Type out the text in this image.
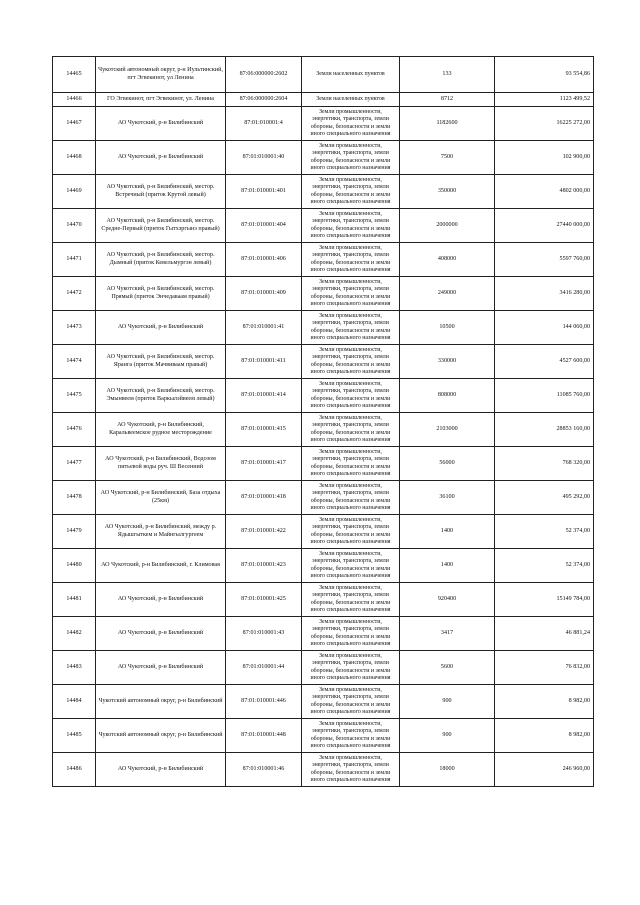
14465	Чукотский автономный округ, р-н Иультинский, пгт Эгвекинот, ул Ленина	87:06:000000:2602	Земли населенных пунктов	133	93 554,86
14466	ГО Эгвекинот, пгт Эгвекинот, ул. Ленина	87:06:000000:2604	Земли населенных пунктов	8712	1123 499,52
14467	АО Чукотский, р-н Билибинский	87:01:010001:4	Земли промышленности, энергетики, транспорта, земли обороны, безопасности и земли иного специального назначения	1182600	16225 272,00
14468	АО Чукотский, р-н Билибинский	87:01:010001:40	Земли промышленности, энергетики, транспорта, земли обороны, безопасности и земли иного специального назначения	7500	102 900,00
14469	АО Чукотский, р-н Билибинский, местор. Встречный (приток Крутой левый)	87:01:010001:401	Земли промышленности, энергетики, транспорта, земли обороны, безопасности и земли иного специального назначения	350000	4802 000,00
14470	АО Чукотский, р-н Билибинский, местор. Средне-Первый (приток Гытхэргынэ правый)	87:01:010001:404	Земли промышленности, энергетики, транспорта, земли обороны, безопасности и земли иного специального назначения	2000000	27440 000,00
14471	АО Чукотский, р-н Билибинский, местор. Дымный (приток Кевельмургэн левый)	87:01:010001:406	Земли промышленности, энергетики, транспорта, земли обороны, безопасности и земли иного специального назначения	408000	5597 760,00
14472	АО Чукотский, р-н Билибинский, местор. Прямый (приток Энчедаваам правый)	87:01:010001:409	Земли промышленности, энергетики, транспорта, земли обороны, безопасности и земли иного специального назначения	249000	3416 280,00
14473	АО Чукотский, р-н Билибинский	87:01:010001:41	Земли промышленности, энергетики, транспорта, земли обороны, безопасности и земли иного специального назначения	10500	144 060,00
14474	АО Чукотский, р-н Билибинский, местор. Яранга (приток Мачвиваам правый)	87:01:010001:411	Земли промышленности, энергетики, транспорта, земли обороны, безопасности и земли иного специального назначения	330000	4527 600,00
14475	АО Чукотский, р-н Билибинский, местор. Эмынвеем (приток Варкылэйвеем левый)	87:01:010001:414	Земли промышленности, энергетики, транспорта, земли обороны, безопасности и земли иного специального назначения	808000	11085 760,00
14476	АО Чукотский, р-н Билибинский, Каральвеемское рудное месторождение	87:01:010001:415	Земли промышленности, энергетики, транспорта, земли обороны, безопасности и земли иного специального назначения	2103000	28853 160,00
14477	АО Чукотский, р-н Билибинский, Водозом питьевой воды руч. Ш Весенний	87:01:010001:417	Земли промышленности, энергетики, транспорта, земли обороны, безопасности и земли иного специального назначения	56000	768 320,00
14478	АО Чукотский, р-н Билибинский, База отдыха (25км)	87:01:010001:418	Земли промышленности, энергетики, транспорта, земли обороны, безопасности и земли иного специального назначения	36100	495 292,00
14479	АО Чукотский, р-н Билибинский, между р. Ядышгыткем и Майнгылгургеем	87:01:010001:422	Земли промышленности, энергетики, транспорта, земли обороны, безопасности и земли иного специального назначения	1400	52 374,00
14480	АО Чукотский, р-н Билибинский, г. Климовая	87:01:010001:423	Земли промышленности, энергетики, транспорта, земли обороны, безопасности и земли иного специального назначения	1400	52 374,00
14481	АО Чукотский, р-н Билибинский	87:01:010001:425	Земли промышленности, энергетики, транспорта, земли обороны, безопасности и земли иного специального назначения	920400	15149 784,00
14482	АО Чукотский, р-н Билибинский	87:01:010001:43	Земли промышленности, энергетики, транспорта, земли обороны, безопасности и земли иного специального назначения	3417	46 881,24
14483	АО Чукотский, р-н Билибинский	87:01:010001:44	Земли промышленности, энергетики, транспорта, земли обороны, безопасности и земли иного специального назначения	5600	76 832,00
14484	Чукотский автономный округ, р-н Билибинский	87:01:010001:446	Земли промышленности, энергетики, транспорта, земли обороны, безопасности и земли иного специального назначения	900	8 982,00
14485	Чукотский автономный округ, р-н Билибинский	87:01:010001:448	Земли промышленности, энергетики, транспорта, земли обороны, безопасности и земли иного специального назначения	900	8 982,00
14486	АО Чукотский, р-н Билибинский	87:01:010001:46	Земли промышленности, энергетики, транспорта, земли обороны, безопасности и земли иного специального назначения	18000	246 960,00
